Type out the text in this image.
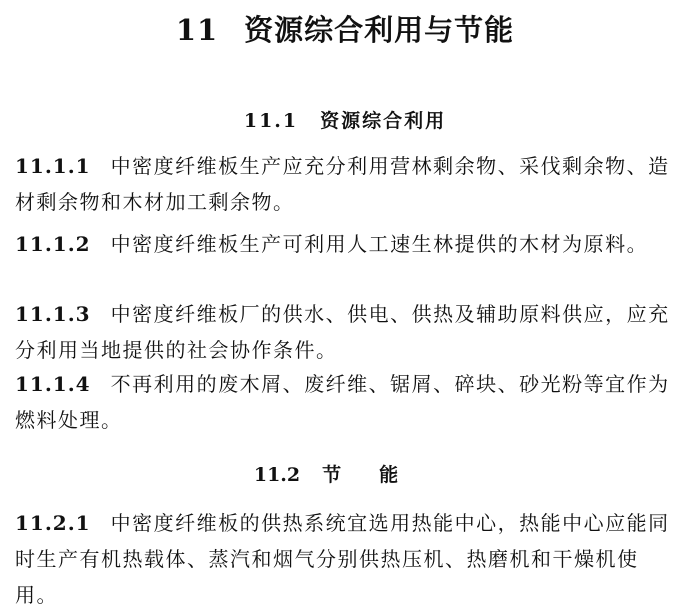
11 资源综合利用与节能
11.1 资源综合利用
11.1.1 中密度纤维板生产应充分利用营林剩余物、采伐剩余物、造材剩余物和木材加工剩余物。
11.1.2 中密度纤维板生产可利用人工速生林提供的木材为原料。
11.1.3 中密度纤维板厂的供水、供电、供热及辅助原料供应，应充分利用当地提供的社会协作条件。
11.1.4 不再利用的废木屑、废纤维、锯屑、碎块、砂光粉等宜作为燃料处理。
11.2 节能
11.2.1 中密度纤维板的供热系统宜选用热能中心，热能中心应能同时生产有机热载体、蒸汽和烟气分别供热压机、热磨机和干燥机使用。
